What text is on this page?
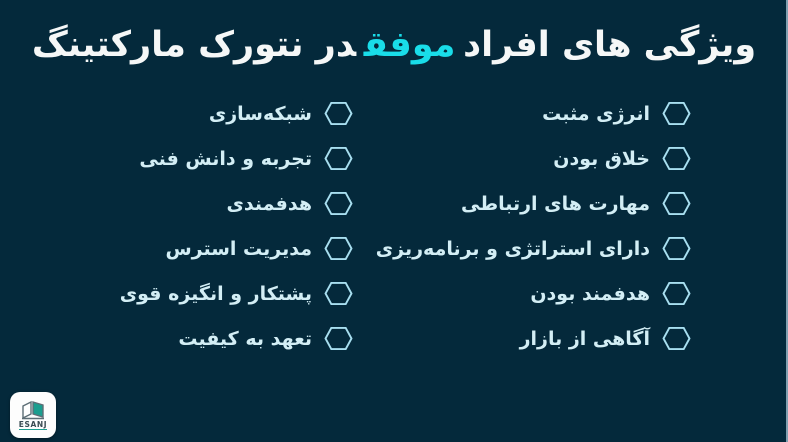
ویژگی های افرادموفقدر نتورک مارکتینگ
انرژی مثبت
خلاق بودن
مهارت های ارتباطی
دارای استراتژی و برنامه‌ریزی
هدفمند بودن
آگاهی از بازار
شبکه‌سازی
تجربه و دانش فنی
هدفمندی
مدیریت استرس
پشتکار و انگیزه قوی
تعهد به کیفیت
ESANJ
